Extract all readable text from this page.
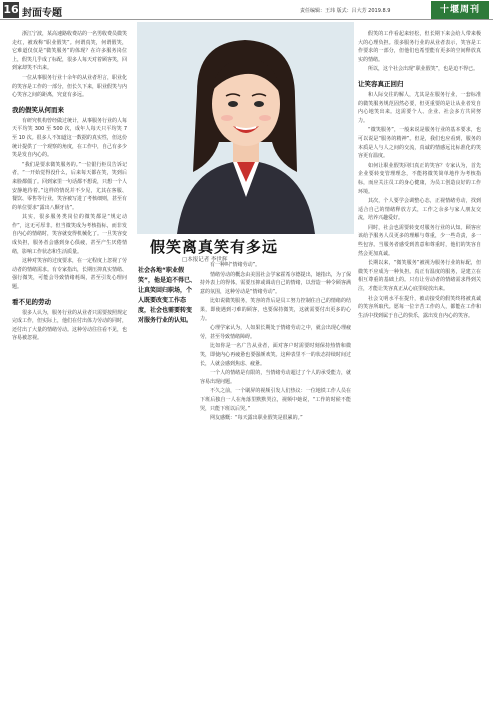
16 封面专题	责任编辑：王玮 版式：吕大芳 2019.8.9	十堰周刊

浙江宁波，某高速路收费站的一名男收费员微笑走红，被戏称“职业假笑”。何谓真笑，何谓假笑，它难道仅仅是“微笑服务”的体现？在许多服务岗位上，假笑几乎成了标配，很多人每天对着顾客笑，回到家却笑不出来。

一位从事服务行业十余年的从业者坦言，职业化的笑容是工作的一部分，但长久下来，职业假笑与内心笑容之间的距离，究竟有多远。

我的假笑从何而来

有研究机构曾经做过统计，从事服务行业的人每天平均笑 300 至 500 次，成年人每天只平均笑 7 至 10 次。很多人不知道这一数据的真实性，但这份统计提供了一个观察的角度，在工作中，自己有多少笑是发自内心的。

“我们是要求微笑服务的。”一位银行柜员告诉记者，“一开始觉得没什么，后来每天都在笑，笑到后来脸都僵了。回到家里一句话都不想说，只想一个人安静地待着。”这样的情况并不少见，尤其在客服、餐饮、零售等行业，笑容被写进了考核细则，甚至有的单位要求“露出八颗牙齿”。

其实，很多服务类岗位的微笑都是“规定动作”，这无可厚非。但当微笑成为考核指标，而非发自内心的情绪时，笑容就变得机械化了。一旦笑容变成负担，服务者会感到身心俱疲，甚至产生厌倦情绪，影响工作状态和生活质量。

这种对笑容的过度要求，在一定程度上忽视了劳动者的情绪需求。有专家指出，长期压抑真实情绪、强行微笑，可能会导致情绪耗竭，甚至引发心理问题。

看不见的劳动

很多人认为，服务行业的从业者只需要按照规定完成工作，但实际上，他们在付出体力劳动的同时，还付出了大量的情绪劳动。这种劳动往往看不见，也容易被忽视。

假笑离真笑有多远
□本报记者 李世辉
社会各地“职业假笑”，他是迫不得已、让真笑回归职场，个人既要改变工作态度，社会也需要转变对服务行业的认知。

有一种叫“情绪劳动”。

情绪劳动的概念由美国社会学家霍希尔德提出，她指出，为了保持外表上的得体，需要压抑或调动自己的情绪，以营造一种令顾客满意的氛围，这种劳动是“情绪劳动”。

比如说微笑服务，笑容的背后是员工努力控制住自己的情绪的结果，即使遇到刁难的顾客，也要保持微笑，这就需要付出更多的心力。

心理学家认为，人如果长期处于情绪劳动之中，就会出现心理疲劳，甚至导致情绪障碍。

比如你是一名广告从业者，面对客户时需要时刻保持热情和微笑，即使内心再疲惫也要强颜欢笑。这种表里不一的状态持续时间过长，人就会感到焦虑、疲惫。

一个人的情绪是有限的，当情绪劳动超过了个人的承受能力，就容易出现问题。

不久之前，一个刷屏的视频引发人们热议：一位地铁工作人员在下班后独自一人在角落里默默哭泣，视频中她说，“工作的时候不能哭，只能下班以后哭。”

网友感慨：“每天露出职业假笑是很累的。”

假笑的工作看起来轻松，但长期下来会给人带来极大的心理负担。很多服务行业的从业者表示，笑容是工作要求的一部分，但他们也希望能有更多的空间释放真实的情绪。

所以，这个社会出现“职业假笑”，也是迫不得已。

让笑容真正回归

和人际交往的解人，尤其是在服务行业，一套标准的微笑服务规范固然必要，但更重要的是让从业者发自内心地笑出来。这需要个人、企业、社会多方共同努力。

“微笑服务”，一般来说是服务行业的基本要求，也可以说是“服务的精神”。但是，我们也应看到，服务的本质是人与人之间的交流，真诚的情感远比标准化的笑容更有温度。

如何让职业假笑回归真正的笑容？专家认为，首先企业要转变管理理念，不能将微笑简单地作为考核指标，而应关注员工的身心健康，为员工创造良好的工作环境。

其次，个人要学会调整心态，正视情绪劳动，找到适合自己的情绪释放方式，工作之余多与家人朋友交流，培养兴趣爱好。

同时，社会也需要转变对服务行业的认知。顾客应该给予服务人员更多的理解与尊重，少一些苛责，多一些包容。当服务者感受到善意和尊重时，他们的笑容自然会更加真诚。

长期以来，“微笑服务”被视为服务行业的标配，但微笑不应成为一种负担。真正有温度的服务，是建立在相互尊重的基础上的。只有让劳动者的情绪需求得到关注，才能让笑容真正从心底里绽放出来。

社会文明水平在提升，被动接受的假笑终将被真诚的笑容所取代。愿每一位辛苦工作的人，都能在工作和生活中找到属于自己的快乐，露出发自内心的笑容。
